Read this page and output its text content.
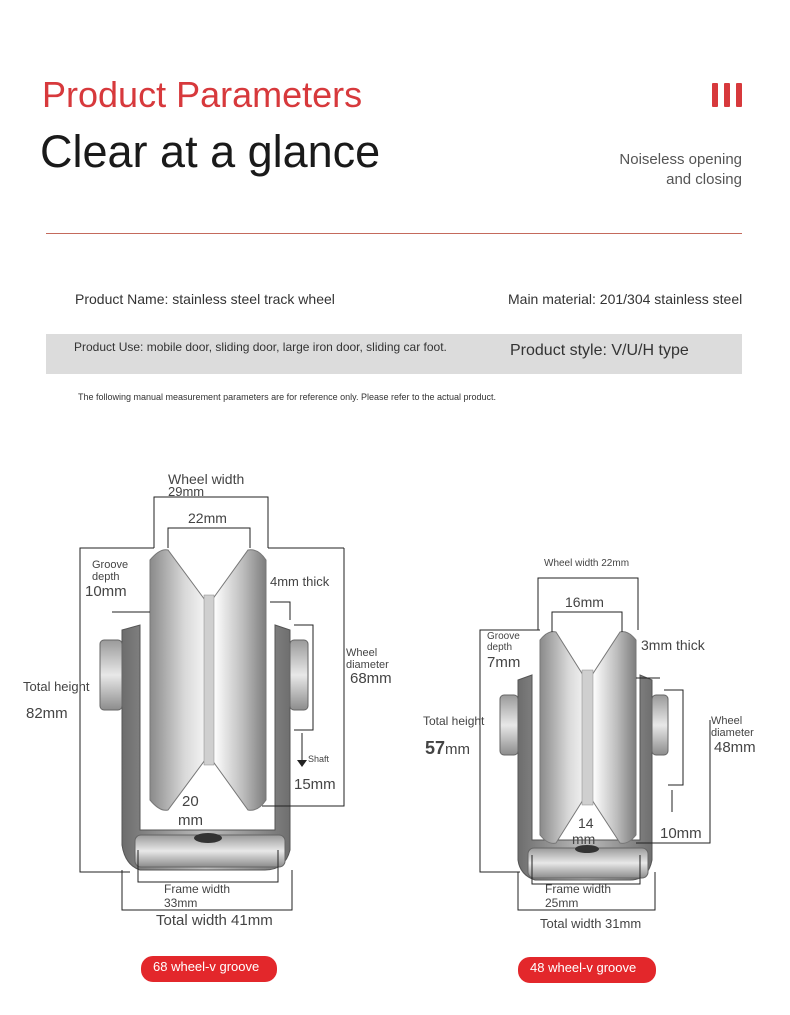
Product Parameters
Clear at a glance	Noiseless opening
and closing
Product Name: stainless steel track wheel	Main material: 201/304 stainless steel
Product Use: mobile door, sliding door, large iron door, sliding car foot.	Product style: V/U/H type
The following manual measurement parameters are for reference only. Please refer to the actual product.
Wheel width
29mm
22mm
Groove
depth
10mm
4mm thick
Total height
82mm
Wheel
diameter
68mm
Shaft
15mm
20
mm
Frame width
33mm
Total width 41mm
68 wheel-v groove
Wheel width 22mm
16mm
Groove
depth
7mm
3mm thick
Total height
57mm
Wheel
diameter
48mm
14
mm	10mm
Frame width
25mm
Total width 31mm
48 wheel-v groove
